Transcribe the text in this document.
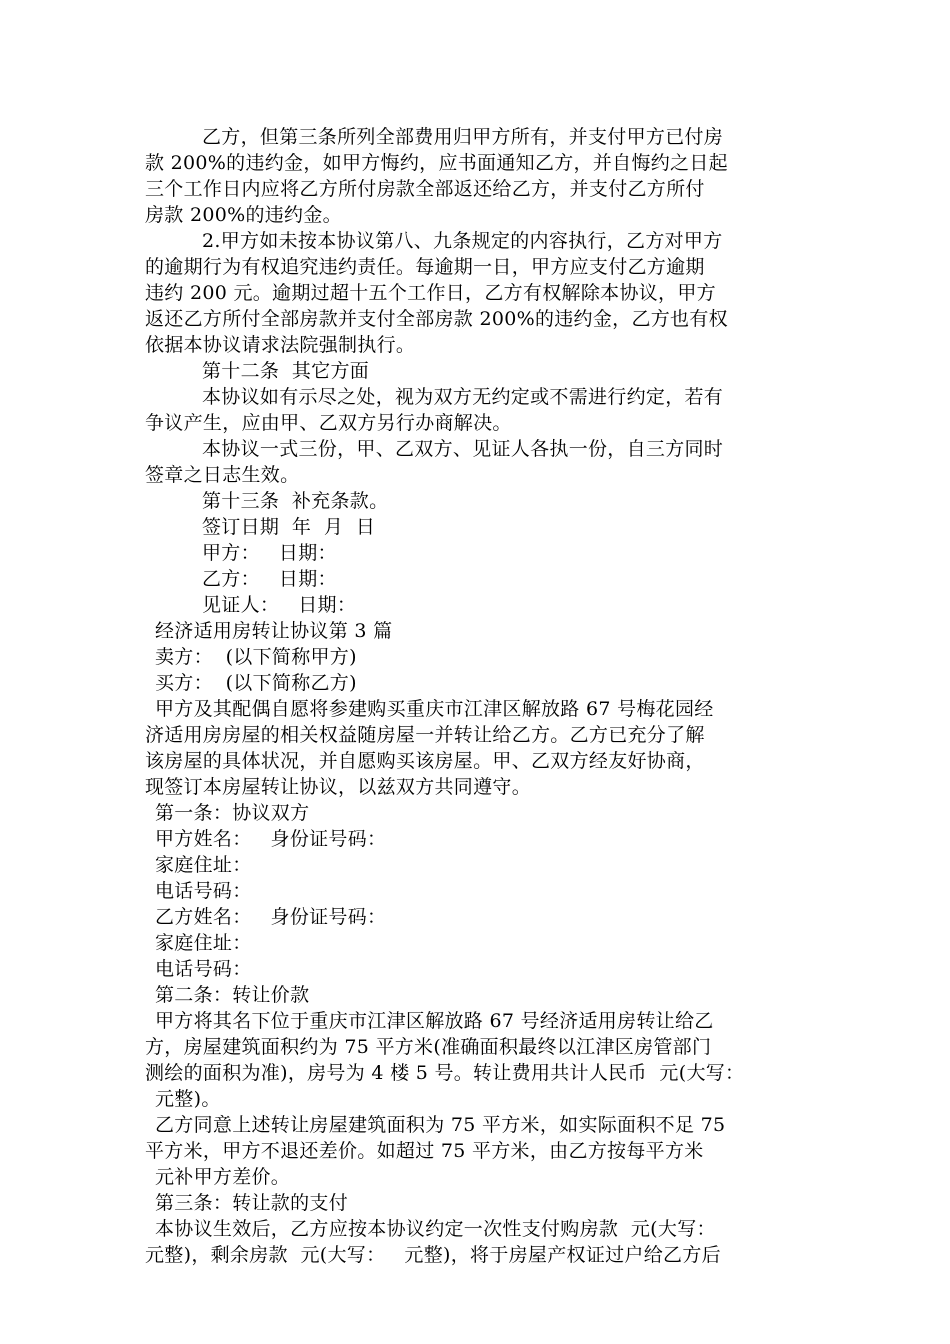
乙方，但第三条所列全部费用归甲方所有，并支付甲方已付房
款 200%的违约金，如甲方悔约，应书面通知乙方，并自悔约之日起
三个工作日内应将乙方所付房款全部返还给乙方，并支付乙方所付
房款 200%的违约金。
2.甲方如未按本协议第八、九条规定的内容执行，乙方对甲方
的逾期行为有权追究违约责任。每逾期一日，甲方应支付乙方逾期
违约 200 元。逾期过超十五个工作日，乙方有权解除本协议，甲方
返还乙方所付全部房款并支付全部房款 200%的违约金，乙方也有权
依据本协议请求法院强制执行。
第十二条  其它方面
本协议如有示尽之处，视为双方无约定或不需进行约定，若有
争议产生，应由甲、乙双方另行办商解决。
本协议一式三份，甲、乙双方、见证人各执一份，自三方同时
签章之日志生效。
第十三条  补充条款。
签订日期  年  月  日
甲方：   日期：
乙方：   日期：
见证人：   日期：
经济适用房转让协议第 3 篇
卖方：  (以下简称甲方)
买方：  (以下简称乙方)
甲方及其配偶自愿将参建购买重庆市江津区解放路 67 号梅花园经
济适用房房屋的相关权益随房屋一并转让给乙方。乙方已充分了解
该房屋的具体状况，并自愿购买该房屋。甲、乙双方经友好协商，
现签订本房屋转让协议，以兹双方共同遵守。
第一条：协议双方
甲方姓名：   身份证号码：
家庭住址：
电话号码：
乙方姓名：   身份证号码：
家庭住址：
电话号码：
第二条：转让价款
甲方将其名下位于重庆市江津区解放路 67 号经济适用房转让给乙
方，房屋建筑面积约为 75 平方米(准确面积最终以江津区房管部门
测绘的面积为准)，房号为 4 楼 5 号。转让费用共计人民币  元(大写：
元整)。
乙方同意上述转让房屋建筑面积为 75 平方米，如实际面积不足 75
平方米，甲方不退还差价。如超过 75 平方米，由乙方按每平方米
元补甲方差价。
第三条：转让款的支付
本协议生效后，乙方应按本协议约定一次性支付购房款  元(大写：
元整)，剩余房款  元(大写：   元整)，将于房屋产权证过户给乙方后
